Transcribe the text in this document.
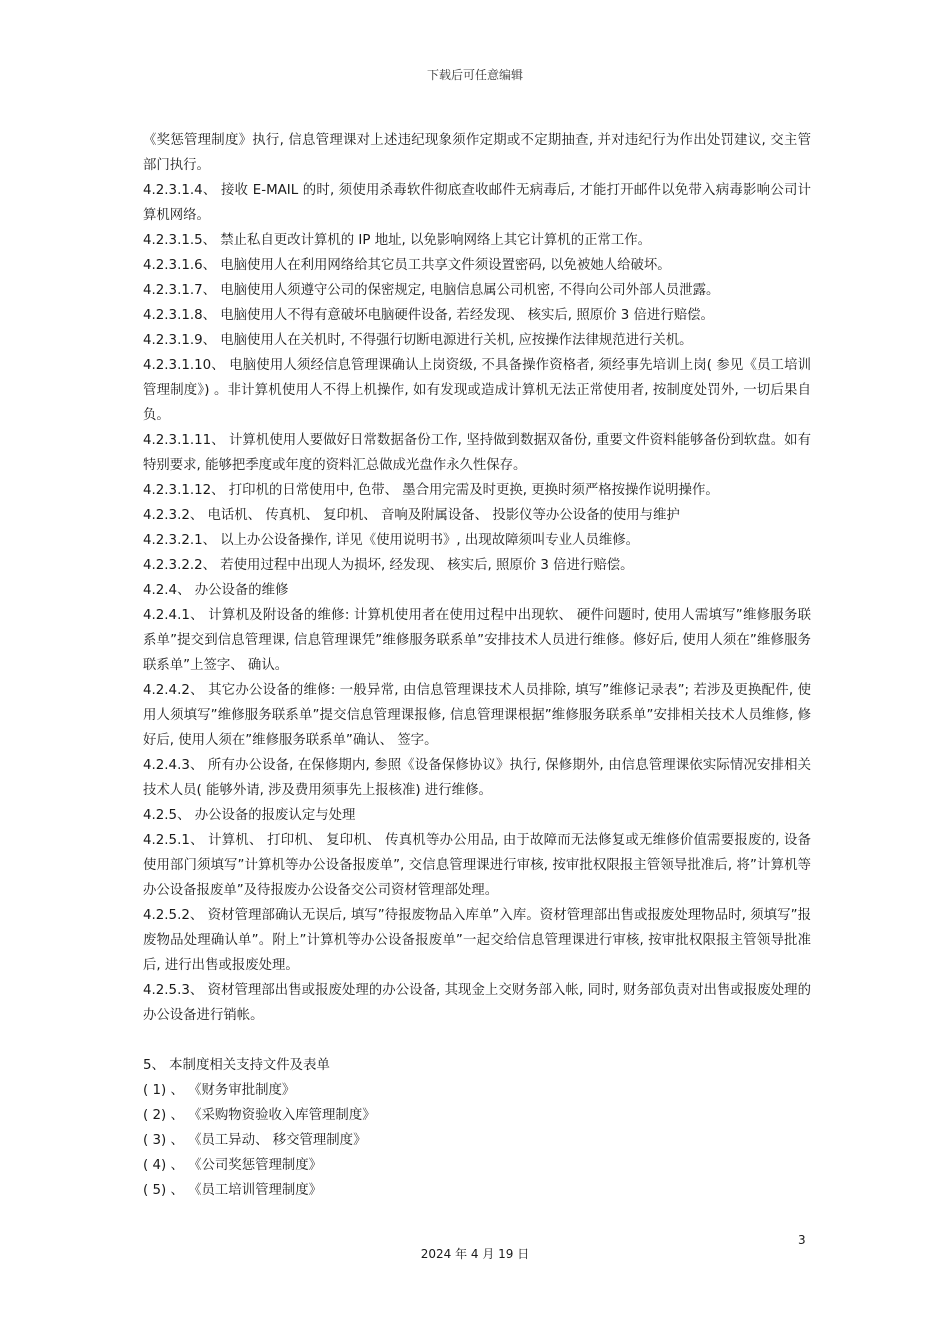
下载后可任意编辑

《奖惩管理制度》执行, 信息管理课对上述违纪现象须作定期或不定期抽查, 并对违纪行为作出处罚建议, 交主管部门执行。

4.2.3.1.4、 接收 E-MAIL 的时, 须使用杀毒软件彻底查收邮件无病毒后, 才能打开邮件以免带入病毒影响公司计算机网络。

4.2.3.1.5、 禁止私自更改计算机的 IP 地址, 以免影响网络上其它计算机的正常工作。

4.2.3.1.6、 电脑使用人在利用网络给其它员工共享文件须设置密码, 以免被她人给破坏。

4.2.3.1.7、 电脑使用人须遵守公司的保密规定, 电脑信息属公司机密, 不得向公司外部人员泄露。

4.2.3.1.8、 电脑使用人不得有意破坏电脑硬件设备, 若经发现、 核实后, 照原价 3 倍进行赔偿。

4.2.3.1.9、 电脑使用人在关机时, 不得强行切断电源进行关机, 应按操作法律规范进行关机。

4.2.3.1.10、 电脑使用人须经信息管理课确认上岗资级, 不具备操作资格者, 须经事先培训上岗( 参见《员工培训管理制度》) 。非计算机使用人不得上机操作, 如有发现或造成计算机无法正常使用者, 按制度处罚外, 一切后果自负。

4.2.3.1.11、 计算机使用人要做好日常数据备份工作, 坚持做到数据双备份, 重要文件资料能够备份到软盘。如有特别要求, 能够把季度或年度的资料汇总做成光盘作永久性保存。

4.2.3.1.12、 打印机的日常使用中, 色带、 墨合用完需及时更换, 更换时须严格按操作说明操作。

4.2.3.2、 电话机、 传真机、 复印机、 音响及附属设备、 投影仪等办公设备的使用与维护

4.2.3.2.1、 以上办公设备操作, 详见《使用说明书》, 出现故障须叫专业人员维修。

4.2.3.2.2、 若使用过程中出现人为损坏, 经发现、 核实后, 照原价 3 倍进行赔偿。

4.2.4、 办公设备的维修

4.2.4.1、 计算机及附设备的维修: 计算机使用者在使用过程中出现软、 硬件问题时, 使用人需填写”维修服务联系单”提交到信息管理课, 信息管理课凭”维修服务联系单”安排技术人员进行维修。修好后, 使用人须在”维修服务联系单”上签字、 确认。

4.2.4.2、 其它办公设备的维修: 一般异常, 由信息管理课技术人员排除, 填写”维修记录表”; 若涉及更换配件, 使用人须填写”维修服务联系单”提交信息管理课报修, 信息管理课根据”维修服务联系单”安排相关技术人员维修, 修好后, 使用人须在”维修服务联系单”确认、 签字。

4.2.4.3、 所有办公设备, 在保修期内, 参照《设备保修协议》执行, 保修期外, 由信息管理课依实际情况安排相关技术人员( 能够外请, 涉及费用须事先上报核准) 进行维修。

4.2.5、 办公设备的报废认定与处理

4.2.5.1、 计算机、 打印机、 复印机、 传真机等办公用品, 由于故障而无法修复或无维修价值需要报废的, 设备使用部门须填写”计算机等办公设备报废单”, 交信息管理课进行审核, 按审批权限报主管领导批准后, 将”计算机等办公设备报废单”及待报废办公设备交公司资材管理部处理。

4.2.5.2、 资材管理部确认无误后, 填写”待报废物品入库单”入库。资材管理部出售或报废处理物品时, 须填写”报废物品处理确认单”。附上”计算机等办公设备报废单”一起交给信息管理课进行审核, 按审批权限报主管领导批准后, 进行出售或报废处理。

4.2.5.3、 资材管理部出售或报废处理的办公设备, 其现金上交财务部入帐, 同时, 财务部负责对出售或报废处理的办公设备进行销帐。

5、 本制度相关支持文件及表单

( 1) 、 《财务审批制度》

( 2) 、 《采购物资验收入库管理制度》

( 3) 、 《员工异动、 移交管理制度》

( 4) 、 《公司奖惩管理制度》

( 5) 、 《员工培训管理制度》

3
2024 年 4 月 19 日
